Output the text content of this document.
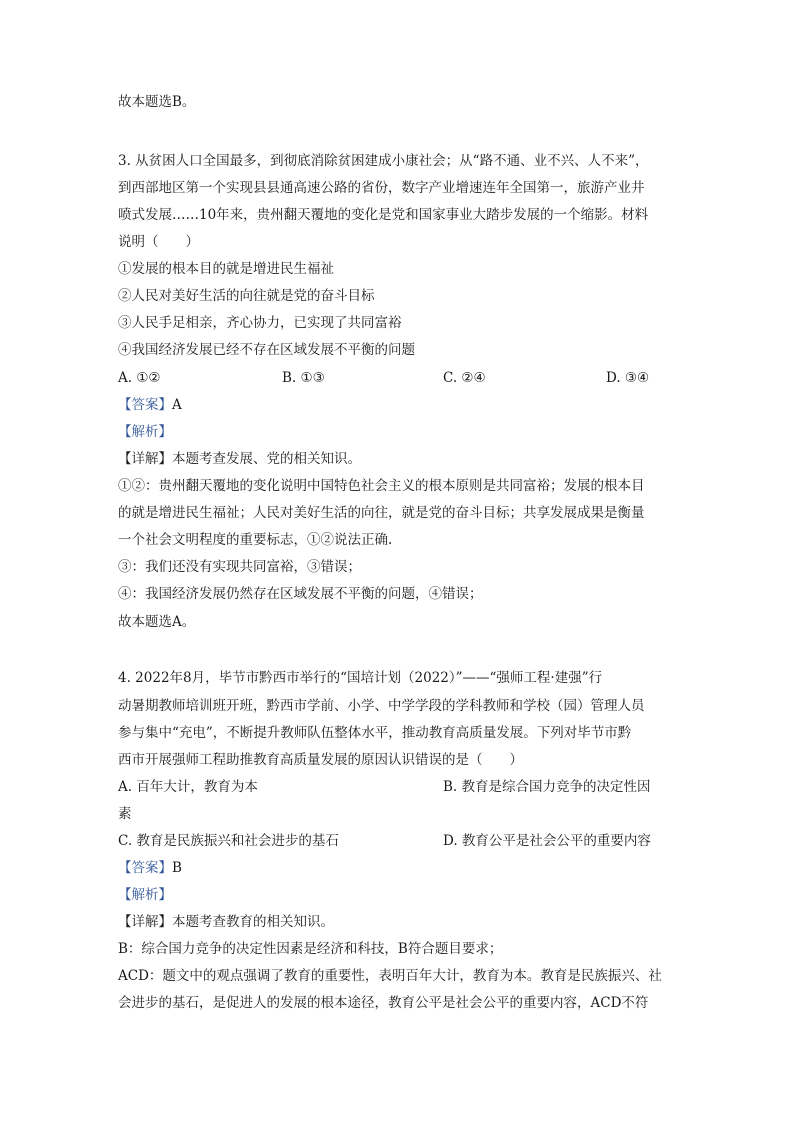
故本题选B。
3. 从贫困人口全国最多，到彻底消除贫困建成小康社会；从“路不通、业不兴、人不来”，
到西部地区第一个实现县县通高速公路的省份，数字产业增速连年全国第一，旅游产业井
喷式发展……10年来，贵州翻天覆地的变化是党和国家事业大踏步发展的一个缩影。材料
说明（　　）
①发展的根本目的就是增进民生福祉
②人民对美好生活的向往就是党的奋斗目标
③人民手足相亲，齐心协力，已实现了共同富裕
④我国经济发展已经不存在区域发展不平衡的问题
A. ①②	B. ①③	C. ②④	D. ③④
【答案】A
【解析】
【详解】本题考查发展、党的相关知识。
①②：贵州翻天覆地的变化说明中国特色社会主义的根本原则是共同富裕；发展的根本目
的就是增进民生福祉；人民对美好生活的向往，就是党的奋斗目标；共享发展成果是衡量
一个社会文明程度的重要标志，①②说法正确.
③：我们还没有实现共同富裕，③错误；
④：我国经济发展仍然存在区域发展不平衡的问题，④错误；
故本题选A。
4. 2022年8月，毕节市黔西市举行的“国培计划（2022）”——“强师工程·建强”行
动暑期教师培训班开班，黔西市学前、小学、中学学段的学科教师和学校（园）管理人员
参与集中“充电”，不断提升教师队伍整体水平，推动教育高质量发展。下列对毕节市黔
西市开展强师工程助推教育高质量发展的原因认识错误的是（　　）
A. 百年大计，教育为本	B. 教育是综合国力竞争的决定性因
素
C. 教育是民族振兴和社会进步的基石	D. 教育公平是社会公平的重要内容
【答案】B
【解析】
【详解】本题考查教育的相关知识。
B：综合国力竞争的决定性因素是经济和科技，B符合题目要求；
ACD：题文中的观点强调了教育的重要性，表明百年大计，教育为本。教育是民族振兴、社
会进步的基石，是促进人的发展的根本途径，教育公平是社会公平的重要内容，ACD不符
